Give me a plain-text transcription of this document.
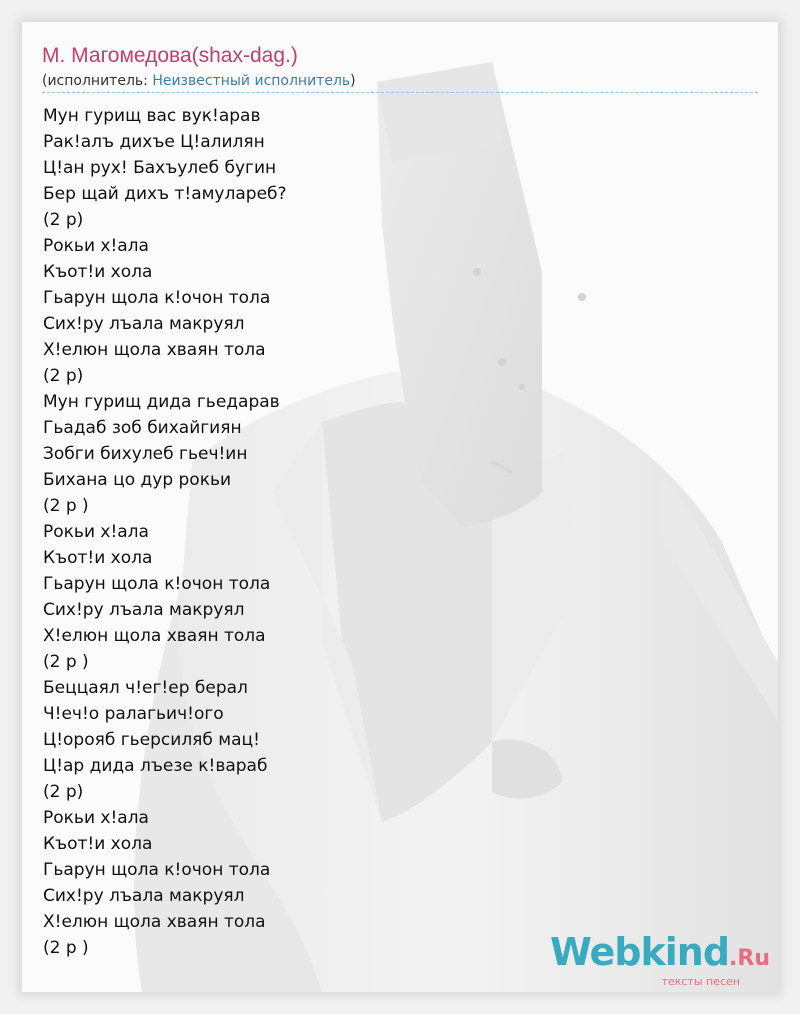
М. Магомедова(shax-dag.)
(исполнитель: Неизвестный исполнитель)
Мун гурищ вас вук!арав
Рак!алъ дихъе Ц!алилян
Ц!ан рух! Бахъулеб бугин
Бер щай дихъ т!амулареб?
(2 р)
Рокьи х!ала
Къот!и хола
Гьарун щола к!очон тола
Сих!ру лъала макруял
Х!елюн щола хваян тола
(2 р)
Мун гурищ дида гьедарав
Гьадаб зоб бихайгиян
Зобги бихулеб гьеч!ин
Бихана цо дур рокьи
(2 р )
Рокьи х!ала
Къот!и хола
Гьарун щола к!очон тола
Сих!ру лъала макруял
Х!елюн щола хваян тола
(2 р )
Беццаял ч!ег!ер берал
Ч!еч!о ралагьич!ого
Ц!орояб гьерсиляб мац!
Ц!ар дида лъезе к!вараб
(2 р)
Рокьи х!ала
Къот!и хола
Гьарун щола к!очон тола
Сих!ру лъала макруял
Х!елюн щола хваян тола
(2 р )	Webkind.Ru
тексты песен
